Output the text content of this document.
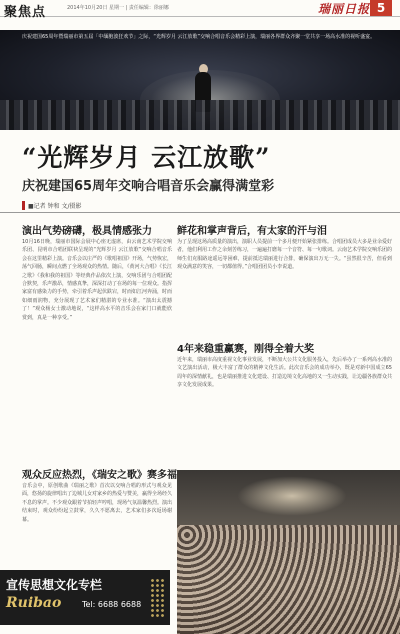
聚焦点	2014年10月20日 星期一 | 责任编辑：徐丽娜	瑞丽日报 5
庆祝建国65周年暨瑞丽市第五届「中缅胞波狂欢节」之际，“光辉岁月 云江放歌”交响合唱音乐会精彩上演，瑞丽各界群众齐聚一堂共享一场高水准的视听盛宴。
“光辉岁月 云江放歌”
庆祝建国65周年交响合唱音乐会赢得满堂彩
■记者 钟和 文/摄影
演出气势磅礴，极具情感张力
10月16日晚，瑞丽市国际会展中心座无虚席，由云南艺术学院交响乐团、昆明市合唱团联袂呈现的“光辉岁月 云江放歌”交响合唱音乐会在这里精彩上演。音乐会以庄严的《歌唱祖国》开场，气势恢宏，荡气回肠，瞬间点燃了全场观众的热情。随后，《黄河大合唱》《长江之歌》《我和我的祖国》等经典作品依次上演，交响乐团与合唱团配合默契，乐声激昂，情感真挚，深深打动了在场的每一位观众。指挥家富有感染力的手势，牵引着乐声起伏跌宕，时而如江河奔涌，时而如细雨润物，充分展现了艺术家们精湛的专业水准。“演出太震撼了！”观众杨女士激动地说，“这样高水平的音乐会在家门口就能欣赏到，真是一种享受。”
观众反应热烈，《瑞安之歌》赛多福
音乐会中，原创歌曲《瑞丽之歌》首次以交响合唱的形式与观众见面，悠扬的旋律唱出了边城儿女对家乡的热爱与赞美，赢得全场经久不息的掌声。不少观众跟着节拍轻声哼唱，现场气氛温馨热烈。演出结束时，观众纷纷起立鼓掌，久久不愿离去，艺术家们多次返场谢幕。
鲜花和掌声背后，有太家的汗与泪
为了呈现这场高质量的演出，演职人员提前一个多月便开始紧张排练。合唱团成员大多是业余爱好者，他们利用工作之余刻苦练习，一遍遍打磨每一个音符、每一句歌词。云南艺术学院交响乐团的师生们克服路途遥远等困难，提前抵达瑞丽进行合排，确保演出万无一失。“虽然很辛苦，但看到观众满意的笑容，一切都值得。”合唱团团员小李说道。
4年来稳重赢赛，刚得全着大奖
近年来，瑞丽市高度重视文化事业发展，不断加大公共文化服务投入，先后举办了一系列高水准的文艺演出活动，极大丰富了群众的精神文化生活。此次音乐会的成功举办，既是对新中国成立65周年的深情献礼，也是瑞丽推进文化建设、打造边境文化高地的又一生动实践，让边疆各族群众共享文化发展成果。
宣传思想文化专栏
Ruibao	Tel: 6688 6688
